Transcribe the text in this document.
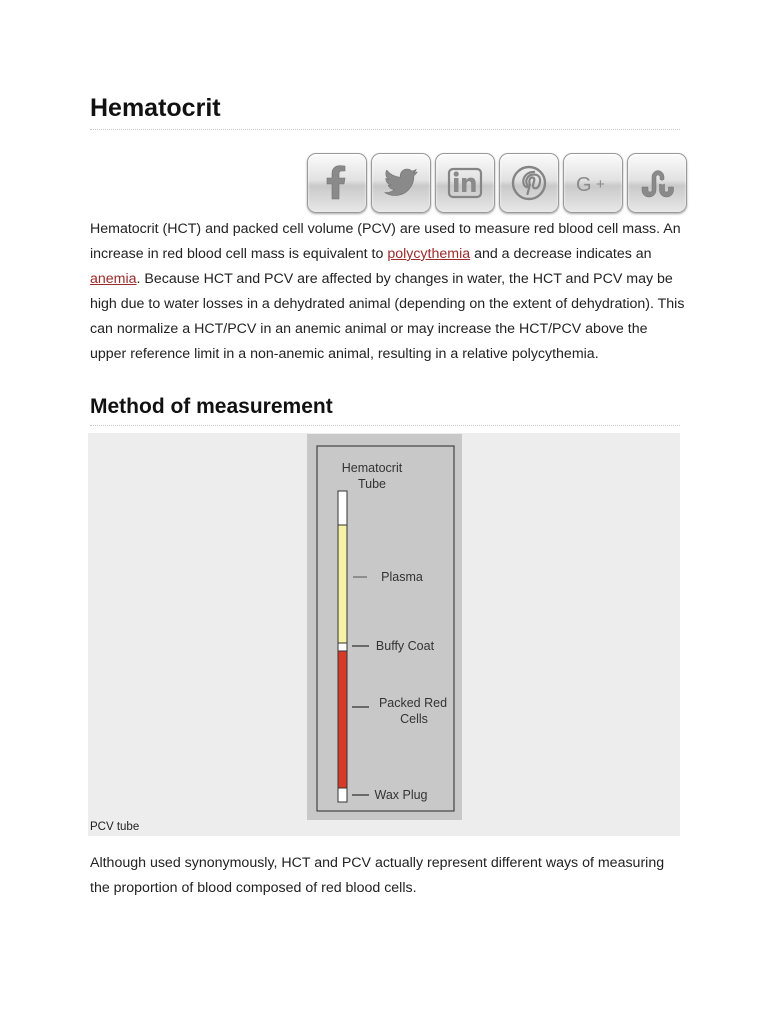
Hematocrit
G +

Hematocrit (HCT) and packed cell volume (PCV) are used to measure red blood cell mass. An increase in red blood cell mass is equivalent to polycythemia and a decrease indicates an anemia. Because HCT and PCV are affected by changes in water, the HCT and PCV may be high due to water losses in a dehydrated animal (depending on the extent of dehydration). This can normalize a HCT/PCV in an anemic animal or may increase the HCT/PCV above the upper reference limit in a non-anemic animal, resulting in a relative polycythemia.

Method of measurement
Hematocrit
Tube
Plasma
Buffy Coat
Packed Red
Cells
Wax Plug
PCV tube

Although used synonymously, HCT and PCV actually represent different ways of measuring the proportion of blood composed of red blood cells.
